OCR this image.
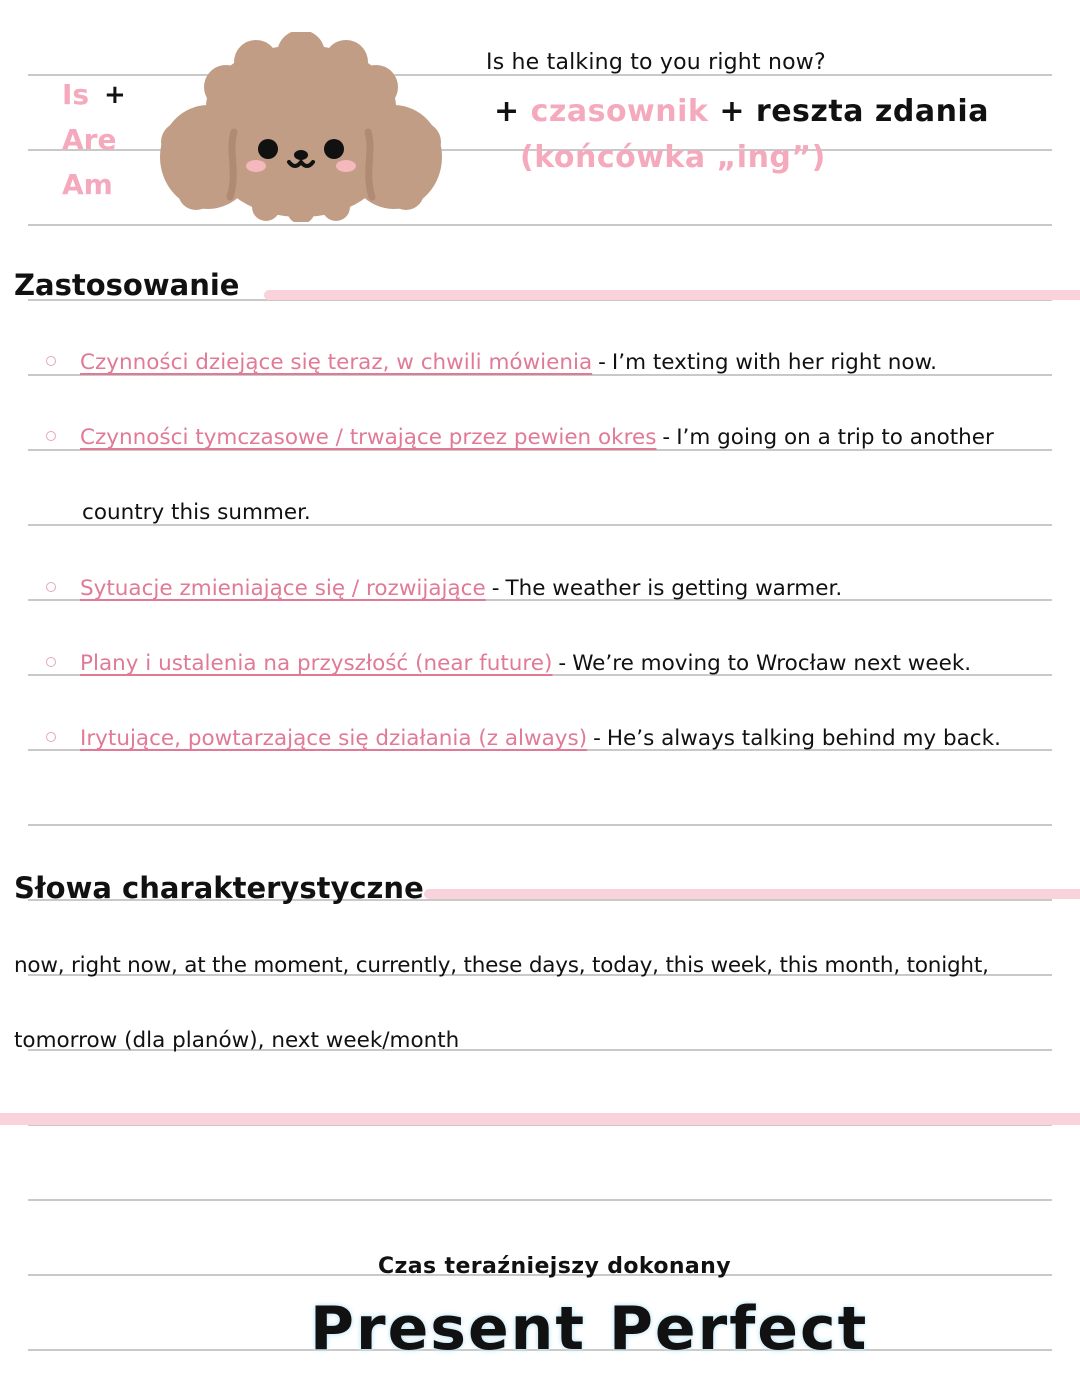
Is +
Are
Am
Is he talking to you right now?
+ czasownik + reszta zdania
(końcówka „ing”)
Zastosowanie
Czynności dziejące się teraz, w chwili mówienia - I’m texting with her right now.
Czynności tymczasowe / trwające przez pewien okres - I’m going on a trip to another
country this summer.
Sytuacje zmieniające się / rozwijające - The weather is getting warmer.
Plany i ustalenia na przyszłość (near future) - We’re moving to Wrocław next week.
Irytujące, powtarzające się działania (z always) - He’s always talking behind my back.
Słowa charakterystyczne
now, right now, at the moment, currently, these days, today, this week, this month, tonight,
tomorrow (dla planów), next week/month
Czas teraźniejszy dokonany
Present Perfect
